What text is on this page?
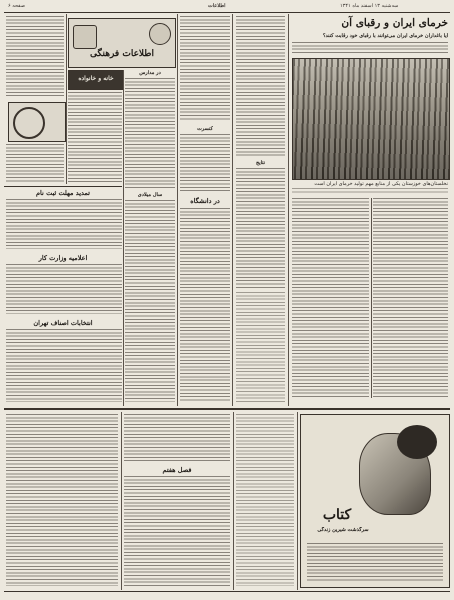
صفحه ۶	اطلاعات	سه‌شنبه ۱۳ اسفند ماه ۱۳۴۱
خرمای ایران و رقبای آن
آیا باغداران خرمای ایران می‌توانند با رقبای خود رقابت کنند؟
نخلستان‌های خوزستان یکی از منابع مهم تولید خرمای ایران است
نتایج
کنسرت
در دانشگاه
اطلاعات فرهنگی
در مدارس
سال میلادی
خانه و خانواده
تمدید مهلت ثبت نام
اعلامیه وزارت کار
انتخابات اصناف تهران
فصل هفتم
کتاب
سرگذشت شیرین زندگی
